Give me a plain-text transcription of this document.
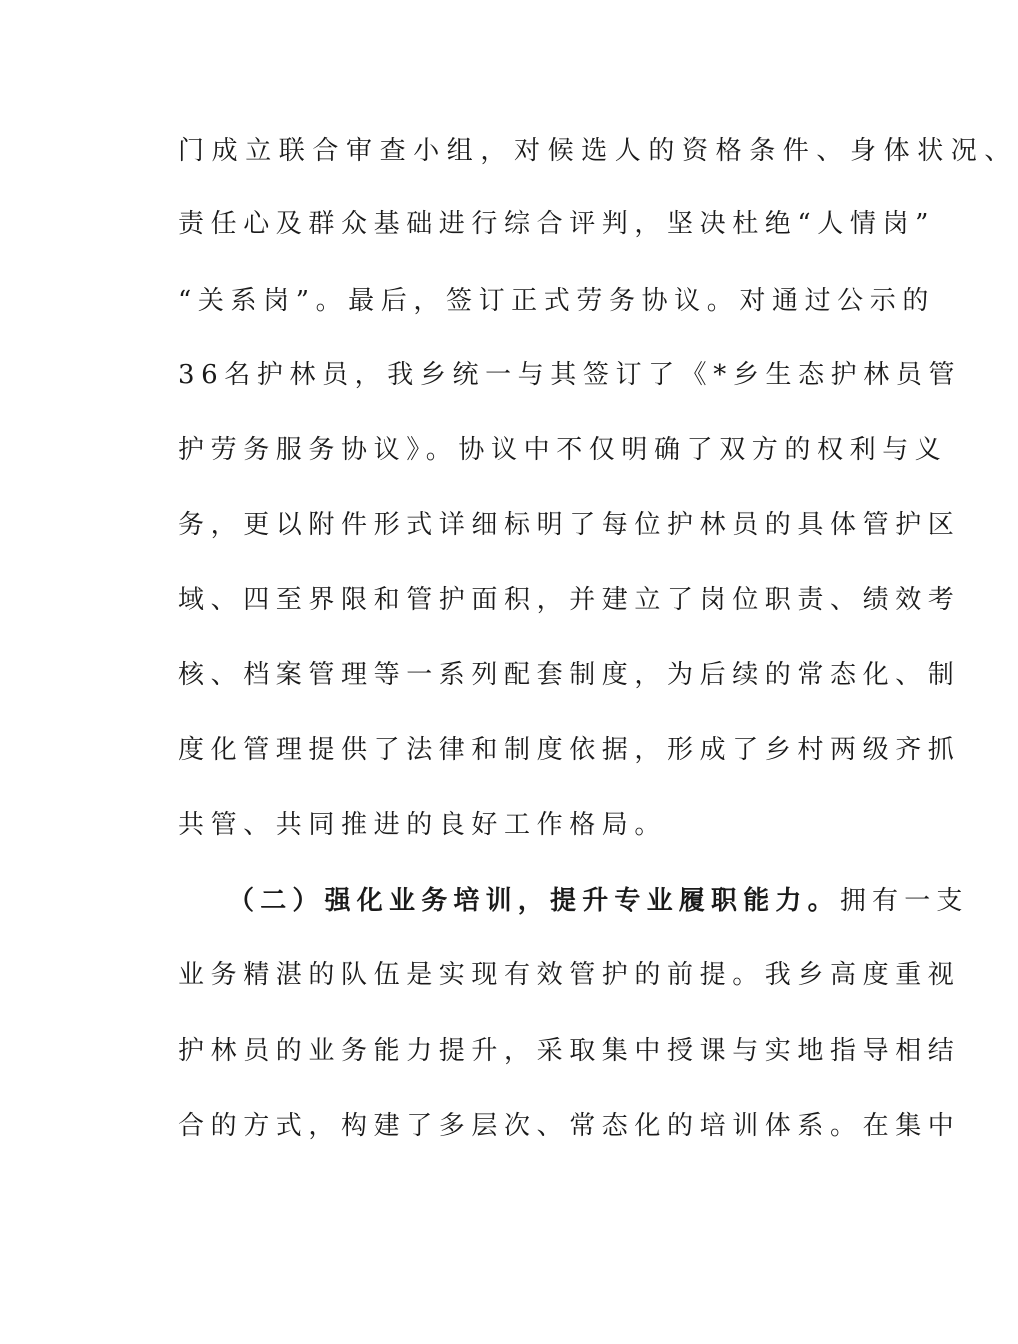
门成立联合审查小组，对候选人的资格条件、身体状况、
责任心及群众基础进行综合评判，坚决杜绝“人情岗”
“关系岗”。最后，签订正式劳务协议。对通过公示的
36名护林员，我乡统一与其签订了《*乡生态护林员管
护劳务服务协议》。协议中不仅明确了双方的权利与义
务，更以附件形式详细标明了每位护林员的具体管护区
域、四至界限和管护面积，并建立了岗位职责、绩效考
核、档案管理等一系列配套制度，为后续的常态化、制
度化管理提供了法律和制度依据，形成了乡村两级齐抓
共管、共同推进的良好工作格局。
（二）强化业务培训，提升专业履职能力。拥有一支
业务精湛的队伍是实现有效管护的前提。我乡高度重视
护林员的业务能力提升，采取集中授课与实地指导相结
合的方式，构建了多层次、常态化的培训体系。在集中
